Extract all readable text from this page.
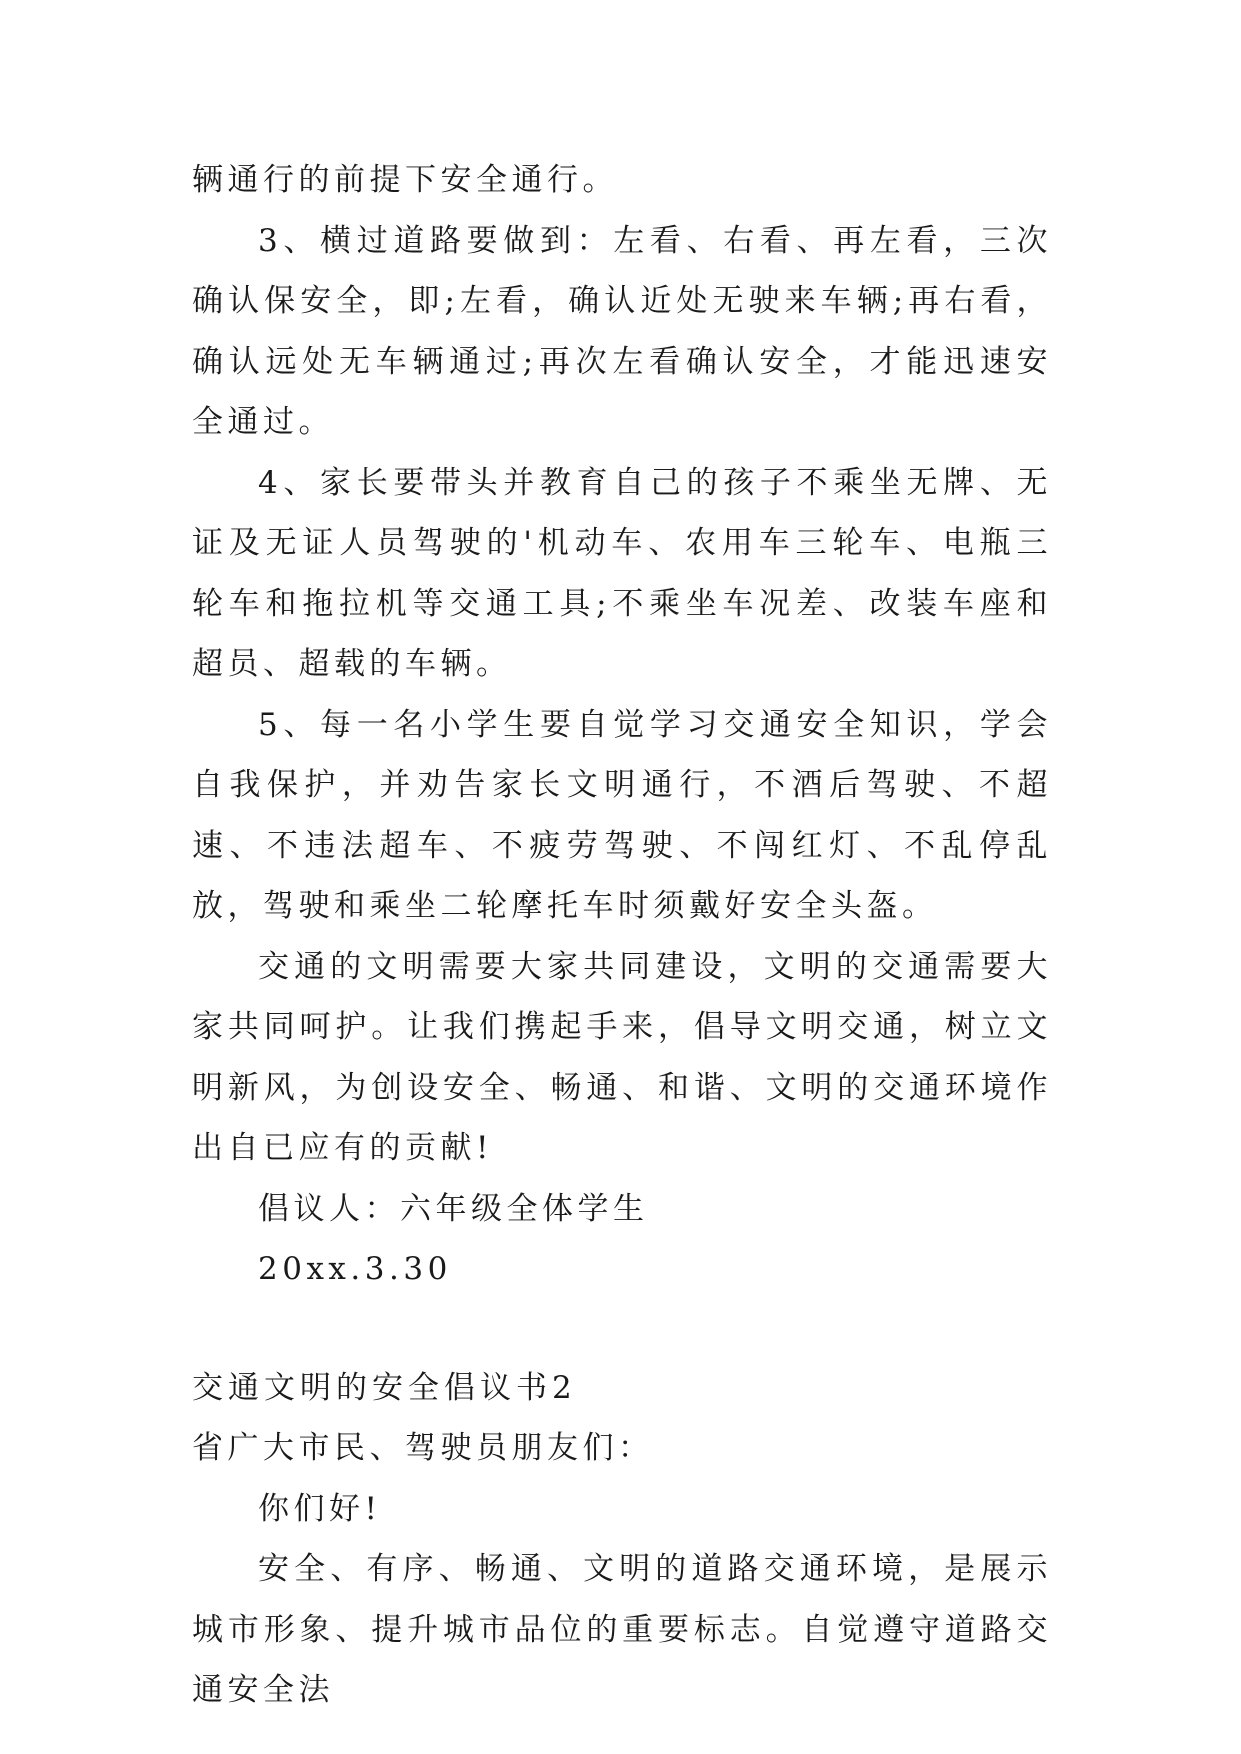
辆通行的前提下安全通行。

3、横过道路要做到：左看、右看、再左看，三次确认保安全，即;左看，确认近处无驶来车辆;再右看，确认远处无车辆通过;再次左看确认安全，才能迅速安全通过。

4、家长要带头并教育自己的孩子不乘坐无牌、无证及无证人员驾驶的'机动车、农用车三轮车、电瓶三轮车和拖拉机等交通工具;不乘坐车况差、改装车座和超员、超载的车辆。

5、每一名小学生要自觉学习交通安全知识，学会自我保护，并劝告家长文明通行，不酒后驾驶、不超速、不违法超车、不疲劳驾驶、不闯红灯、不乱停乱放，驾驶和乘坐二轮摩托车时须戴好安全头盔。

交通的文明需要大家共同建设，文明的交通需要大家共同呵护。让我们携起手来，倡导文明交通，树立文明新风，为创设安全、畅通、和谐、文明的交通环境作出自已应有的贡献!

倡议人：六年级全体学生

20xx.3.30

交通文明的安全倡议书2

省广大市民、驾驶员朋友们：

你们好!

安全、有序、畅通、文明的道路交通环境，是展示城市形象、提升城市品位的重要标志。自觉遵守道路交通安全法
